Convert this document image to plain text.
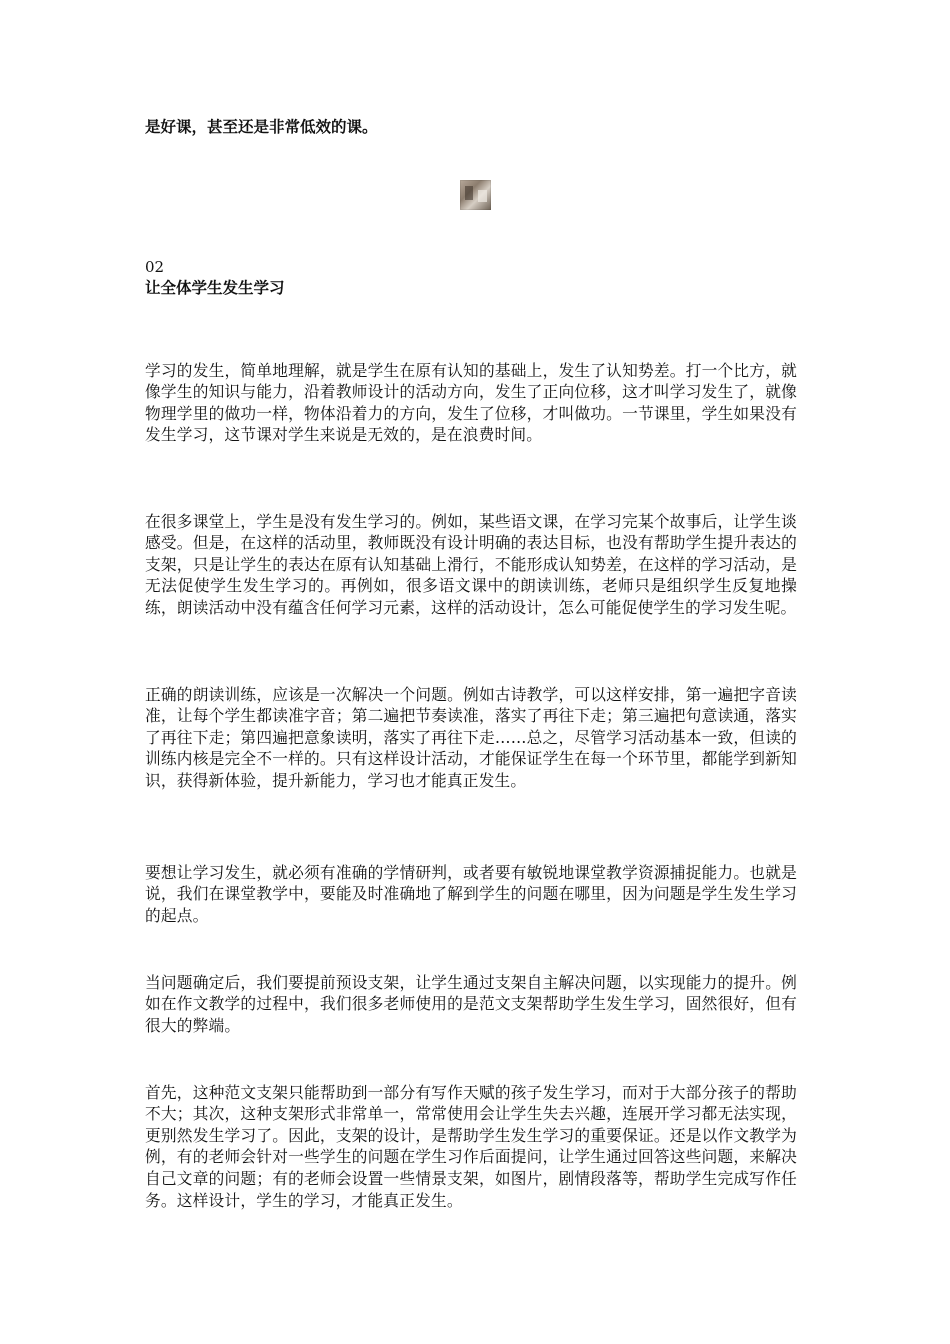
是好课，甚至还是非常低效的课。
02
让全体学生发生学习

学习的发生，简单地理解，就是学生在原有认知的基础上，发生了认知势差。打一个比方，就像学生的知识与能力，沿着教师设计的活动方向，发生了正向位移，这才叫学习发生了，就像物理学里的做功一样，物体沿着力的方向，发生了位移，才叫做功。一节课里，学生如果没有发生学习，这节课对学生来说是无效的，是在浪费时间。

在很多课堂上，学生是没有发生学习的。例如，某些语文课，在学习完某个故事后，让学生谈感受。但是，在这样的活动里，教师既没有设计明确的表达目标，也没有帮助学生提升表达的支架，只是让学生的表达在原有认知基础上滑行，不能形成认知势差，在这样的学习活动，是无法促使学生发生学习的。再例如，很多语文课中的朗读训练，老师只是组织学生反复地操练，朗读活动中没有蕴含任何学习元素，这样的活动设计，怎么可能促使学生的学习发生呢。

正确的朗读训练，应该是一次解决一个问题。例如古诗教学，可以这样安排，第一遍把字音读准，让每个学生都读准字音；第二遍把节奏读准，落实了再往下走；第三遍把句意读通，落实了再往下走；第四遍把意象读明，落实了再往下走……总之，尽管学习活动基本一致，但读的训练内核是完全不一样的。只有这样设计活动，才能保证学生在每一个环节里，都能学到新知识，获得新体验，提升新能力，学习也才能真正发生。

要想让学习发生，就必须有准确的学情研判，或者要有敏锐地课堂教学资源捕捉能力。也就是说，我们在课堂教学中，要能及时准确地了解到学生的问题在哪里，因为问题是学生发生学习的起点。

当问题确定后，我们要提前预设支架，让学生通过支架自主解决问题，以实现能力的提升。例如在作文教学的过程中，我们很多老师使用的是范文支架帮助学生发生学习，固然很好，但有很大的弊端。

首先，这种范文支架只能帮助到一部分有写作天赋的孩子发生学习，而对于大部分孩子的帮助不大；其次，这种支架形式非常单一，常常使用会让学生失去兴趣，连展开学习都无法实现，更别然发生学习了。因此，支架的设计，是帮助学生发生学习的重要保证。还是以作文教学为例，有的老师会针对一些学生的问题在学生习作后面提问，让学生通过回答这些问题，来解决自己文章的问题；有的老师会设置一些情景支架，如图片，剧情段落等，帮助学生完成写作任务。这样设计，学生的学习，才能真正发生。
